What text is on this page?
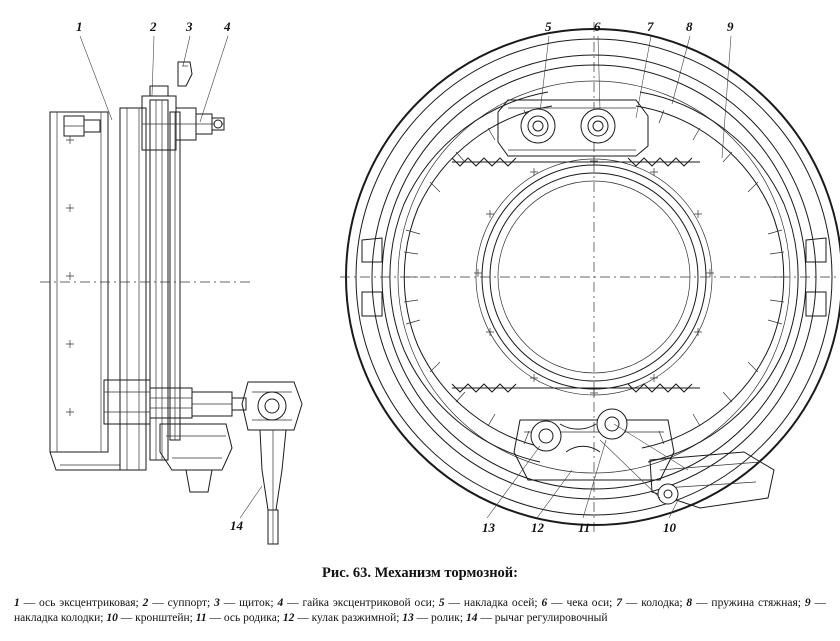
1	2 3 4	5	6	7	8	9
14	13	12	11	10
Рис. 63. Механизм тормозной:
1 — ось эксцентриковая; 2 — суппорт; 3 — щиток; 4 — гайка эксцентриковой оси; 5 — накладка осей; 6 — чека оси; 7 — колодка; 8 — пружина стяжная; 9 — накладка колодки; 10 — кронштейн; 11 — ось родика; 12 — кулак разжимной; 13 — ролик; 14 — рычаг регулировочный
